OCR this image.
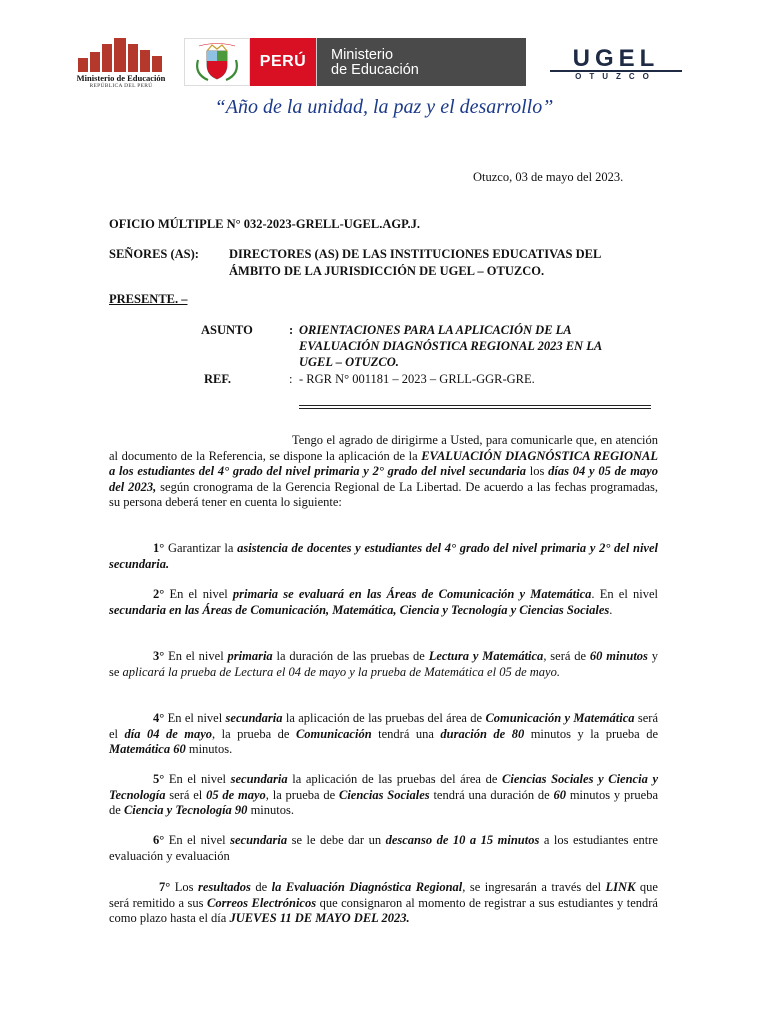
Ministerio de Educación
REPÚBLICA DEL PERÚ
PERÚ	Ministerio
de Educación	UGEL
OTUZCO
“Año de la unidad, la paz y el desarrollo”
Otuzco, 03 de mayo del 2023.
OFICIO MÚLTIPLE N° 032-2023-GRELL-UGEL.AGP.J.
SEÑORES (AS): DIRECTORES (AS) DE LAS INSTITUCIONES EDUCATIVAS DEL
ÁMBITO DE LA JURISDICCIÓN DE UGEL – OTUZCO.
PRESENTE. –
ASUNTO	: ORIENTACIONES PARA LA APLICACIÓN DE LA
EVALUACIÓN DIAGNÓSTICA REGIONAL 2023 EN LA
UGEL – OTUZCO.
REF.	: - RGR N° 001181 – 2023 – GRLL-GGR-GRE.
Tengo el agrado de dirigirme a Usted, para comunicarle que, en atención al documento de la Referencia, se dispone la aplicación de la EVALUACIÓN DIAGNÓSTICA REGIONAL a los estudiantes del 4° grado del nivel primaria y 2° grado del nivel secundaria los días 04 y 05 de mayo del 2023, según cronograma de la Gerencia Regional de La Libertad. De acuerdo a las fechas programadas, su persona deberá tener en cuenta lo siguiente:
1° Garantizar la asistencia de docentes y estudiantes del 4° grado del nivel primaria y 2° del nivel secundaria.
2° En el nivel primaria se evaluará en las Áreas de Comunicación y Matemática. En el nivel secundaria en las Áreas de Comunicación, Matemática, Ciencia y Tecnología y Ciencias Sociales.
3° En el nivel primaria la duración de las pruebas de Lectura y Matemática, será de 60 minutos y se aplicará la prueba de Lectura el 04 de mayo y la prueba de Matemática el 05 de mayo.
4° En el nivel secundaria la aplicación de las pruebas del área de Comunicación y Matemática será el día 04 de mayo, la prueba de Comunicación tendrá una duración de 80 minutos y la prueba de Matemática 60 minutos.
5° En el nivel secundaria la aplicación de las pruebas del área de Ciencias Sociales y Ciencia y   Tecnología será el 05 de mayo, la prueba de Ciencias Sociales tendrá una duración de 60 minutos y prueba de Ciencia y Tecnología 90 minutos.
6° En el nivel secundaria se le debe dar un descanso de 10 a 15 minutos a los estudiantes entre evaluación y evaluación
7° Los resultados de la Evaluación Diagnóstica Regional, se ingresarán a través del LINK que será remitido a sus Correos Electrónicos que consignaron al momento de registrar a sus estudiantes y tendrá como plazo hasta el día JUEVES 11 DE MAYO DEL 2023.
